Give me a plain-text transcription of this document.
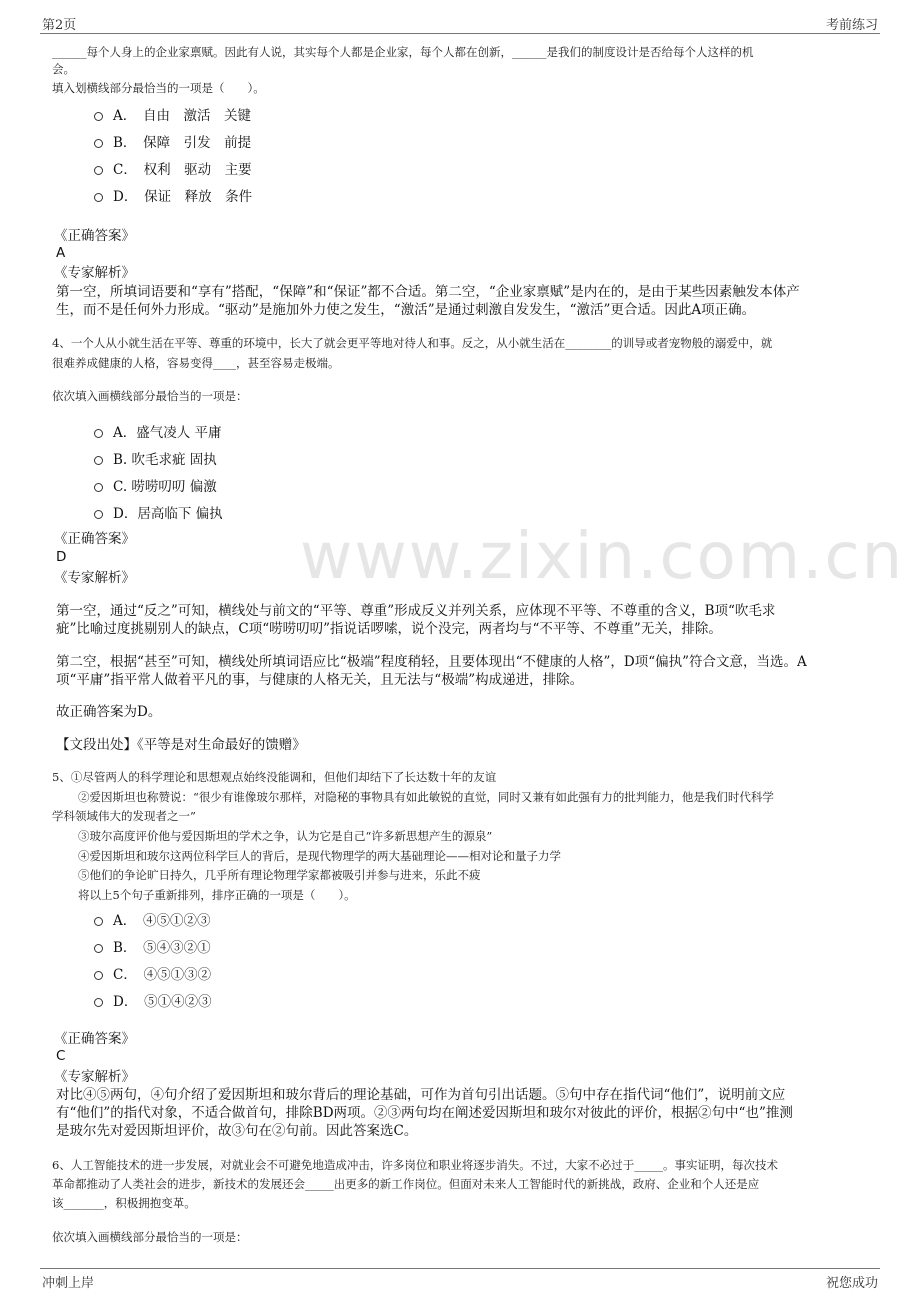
第2页	考前练习
www.zixin.com.cn
______每个人身上的企业家禀赋。因此有人说，其实每个人都是企业家，每个人都在创新，______是我们的制度设计是否给每个人这样的机
会。
填入划横线部分最恰当的一项是（　　）。
A．　自由　激活　关键
B．　保障　引发　前提
C．　权利　驱动　主要
D．　保证　释放　条件
《正确答案》
A
《专家解析》
第一空，所填词语要和“享有”搭配，“保障”和“保证”都不合适。第二空，“企业家禀赋”是内在的，是由于某些因素触发本体产
生，而不是任何外力形成。“驱动”是施加外力使之发生，“激活”是通过刺激自发发生，“激活”更合适。因此A项正确。
4、一个人从小就生活在平等、尊重的环境中，长大了就会更平等地对待人和事。反之，从小就生活在________的训导或者宠物般的溺爱中，就
很难养成健康的人格，容易变得____，甚至容易走极端。
依次填入画横线部分最恰当的一项是：
A．盛气凌人 平庸
B. 吹毛求疵 固执
C. 唠唠叨叨 偏激
D．居高临下 偏执
《正确答案》
D
《专家解析》
第一空，通过“反之”可知，横线处与前文的“平等、尊重”形成反义并列关系，应体现不平等、不尊重的含义，B项“吹毛求
疵”比喻过度挑剔别人的缺点，C项“唠唠叨叨”指说话啰嗦，说个没完，两者均与“不平等、不尊重”无关，排除。
第二空，根据“甚至”可知，横线处所填词语应比“极端”程度稍轻，且要体现出“不健康的人格”，D项“偏执”符合文意，当选。A
项“平庸”指平常人做着平凡的事，与健康的人格无关，且无法与“极端”构成递进，排除。
故正确答案为D。
【文段出处】《平等是对生命最好的馈赠》
5、①尽管两人的科学理论和思想观点始终没能调和，但他们却结下了长达数十年的友谊
②爱因斯坦也称赞说：“很少有谁像玻尔那样，对隐秘的事物具有如此敏锐的直觉，同时又兼有如此强有力的批判能力，他是我们时代科学
学科领域伟大的发现者之一”
③玻尔高度评价他与爱因斯坦的学术之争，认为它是自己“许多新思想产生的源泉”
④爱因斯坦和玻尔这两位科学巨人的背后，是现代物理学的两大基础理论——相对论和量子力学
⑤他们的争论旷日持久，几乎所有理论物理学家都被吸引并参与进来，乐此不疲
将以上5个句子重新排列，排序正确的一项是（　　）。
A．　④⑤①②③
B．　⑤④③②①
C．　④⑤①③②
D．　⑤①④②③
《正确答案》
C
《专家解析》
对比④⑤两句，④句介绍了爱因斯坦和玻尔背后的理论基础，可作为首句引出话题。⑤句中存在指代词“他们”，说明前文应
有“他们”的指代对象，不适合做首句，排除BD两项。②③两句均在阐述爱因斯坦和玻尔对彼此的评价，根据②句中“也”推测
是玻尔先对爱因斯坦评价，故③句在②句前。因此答案选C。
6、人工智能技术的进一步发展，对就业会不可避免地造成冲击，许多岗位和职业将逐步消失。不过，大家不必过于_____。事实证明，每次技术
革命都推动了人类社会的进步，新技术的发展还会_____出更多的新工作岗位。但面对未来人工智能时代的新挑战，政府、企业和个人还是应
该_______，积极拥抱变革。
依次填入画横线部分最恰当的一项是：
冲刺上岸	祝您成功
